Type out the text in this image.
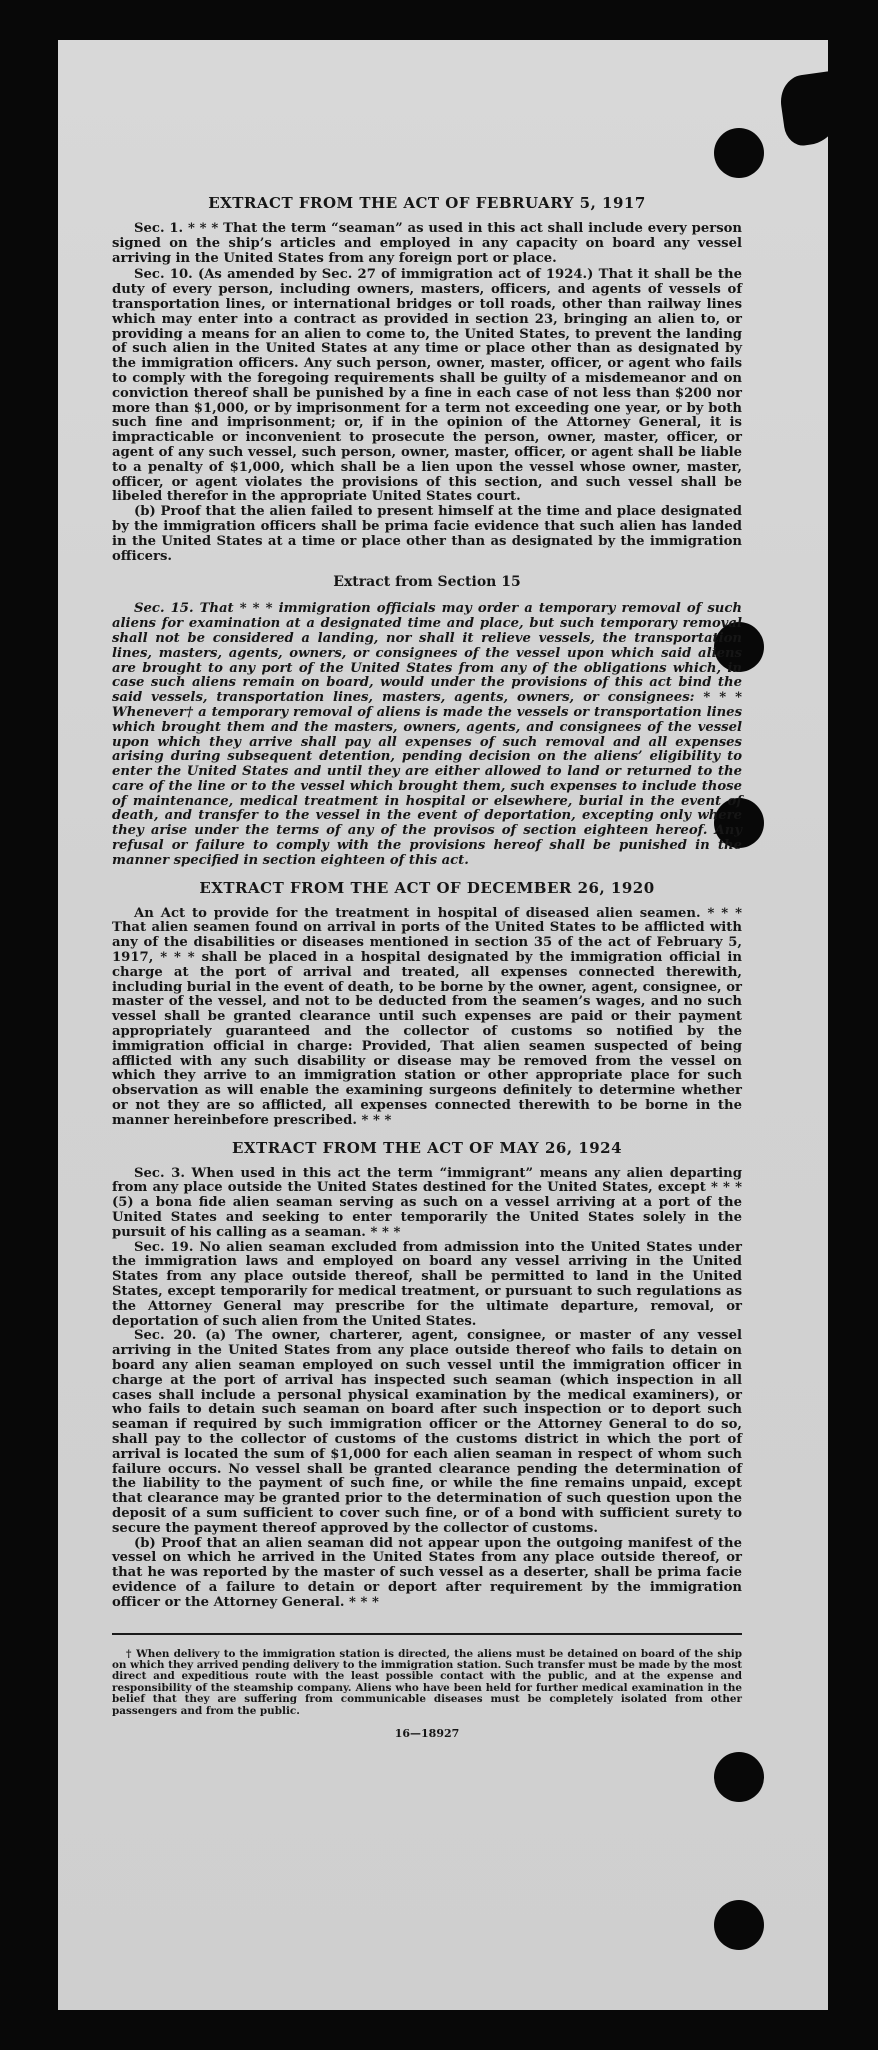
EXTRACT FROM THE ACT OF FEBRUARY 5, 1917

Sec. 1. * * * That the term “seaman” as used in this act shall include every person signed on the ship’s articles and employed in any capacity on board any vessel arriving in the United States from any foreign port or place.

Sec. 10. (As amended by Sec. 27 of immigration act of 1924.) That it shall be the duty of every person, including owners, masters, officers, and agents of vessels of transportation lines, or international bridges or toll roads, other than railway lines which may enter into a contract as provided in section 23, bringing an alien to, or providing a means for an alien to come to, the United States, to prevent the landing of such alien in the United States at any time or place other than as designated by the immigration officers. Any such person, owner, master, officer, or agent who fails to comply with the foregoing requirements shall be guilty of a misdemeanor and on conviction thereof shall be punished by a fine in each case of not less than $200 nor more than $1,000, or by imprisonment for a term not exceeding one year, or by both such fine and imprisonment; or, if in the opinion of the Attorney General, it is impracticable or inconvenient to prosecute the person, owner, master, officer, or agent of any such vessel, such person, owner, master, officer, or agent shall be liable to a penalty of $1,000, which shall be a lien upon the vessel whose owner, master, officer, or agent violates the provisions of this section, and such vessel shall be libeled therefor in the appropriate United States court.

(b) Proof that the alien failed to present himself at the time and place designated by the immigration officers shall be prima facie evidence that such alien has landed in the United States at a time or place other than as designated by the immigration officers.

Extract from Section 15

Sec. 15. That * * * immigration officials may order a temporary removal of such aliens for examination at a designated time and place, but such temporary removal shall not be considered a landing, nor shall it relieve vessels, the transportation lines, masters, agents, owners, or consignees of the vessel upon which said aliens are brought to any port of the United States from any of the obligations which, in case such aliens remain on board, would under the provisions of this act bind the said vessels, transportation lines, masters, agents, owners, or consignees: * * * Whenever† a temporary removal of aliens is made the vessels or transportation lines which brought them and the masters, owners, agents, and consignees of the vessel upon which they arrive shall pay all expenses of such removal and all expenses arising during subsequent detention, pending decision on the aliens’ eligibility to enter the United States and until they are either allowed to land or returned to the care of the line or to the vessel which brought them, such expenses to include those of maintenance, medical treatment in hospital or elsewhere, burial in the event of death, and transfer to the vessel in the event of deportation, excepting only where they arise under the terms of any of the provisos of section eighteen hereof. Any refusal or failure to comply with the provisions hereof shall be punished in the manner specified in section eighteen of this act.

EXTRACT FROM THE ACT OF DECEMBER 26, 1920

An Act to provide for the treatment in hospital of diseased alien seamen. * * * That alien seamen found on arrival in ports of the United States to be afflicted with any of the disabilities or diseases mentioned in section 35 of the act of February 5, 1917, * * * shall be placed in a hospital designated by the immigration official in charge at the port of arrival and treated, all expenses connected therewith, including burial in the event of death, to be borne by the owner, agent, consignee, or master of the vessel, and not to be deducted from the seamen’s wages, and no such vessel shall be granted clearance until such expenses are paid or their payment appropriately guaranteed and the collector of customs so notified by the immigration official in charge: Provided, That alien seamen suspected of being afflicted with any such disability or disease may be removed from the vessel on which they arrive to an immigration station or other appropriate place for such observation as will enable the examining surgeons definitely to determine whether or not they are so afflicted, all expenses connected therewith to be borne in the manner hereinbefore prescribed. * * *

EXTRACT FROM THE ACT OF MAY 26, 1924

Sec. 3. When used in this act the term “immigrant” means any alien departing from any place outside the United States destined for the United States, except * * * (5) a bona fide alien seaman serving as such on a vessel arriving at a port of the United States and seeking to enter temporarily the United States solely in the pursuit of his calling as a seaman. * * *

Sec. 19. No alien seaman excluded from admission into the United States under the immigration laws and employed on board any vessel arriving in the United States from any place outside thereof, shall be permitted to land in the United States, except temporarily for medical treatment, or pursuant to such regulations as the Attorney General may prescribe for the ultimate departure, removal, or deportation of such alien from the United States.

Sec. 20. (a) The owner, charterer, agent, consignee, or master of any vessel arriving in the United States from any place outside thereof who fails to detain on board any alien seaman employed on such vessel until the immigration officer in charge at the port of arrival has inspected such seaman (which inspection in all cases shall include a personal physical examination by the medical examiners), or who fails to detain such seaman on board after such inspection or to deport such seaman if required by such immigration officer or the Attorney General to do so, shall pay to the collector of customs of the customs district in which the port of arrival is located the sum of $1,000 for each alien seaman in respect of whom such failure occurs. No vessel shall be granted clearance pending the determination of the liability to the payment of such fine, or while the fine remains unpaid, except that clearance may be granted prior to the determination of such question upon the deposit of a sum sufficient to cover such fine, or of a bond with sufficient surety to secure the payment thereof approved by the collector of customs.

(b) Proof that an alien seaman did not appear upon the outgoing manifest of the vessel on which he arrived in the United States from any place outside thereof, or that he was reported by the master of such vessel as a deserter, shall be prima facie evidence of a failure to detain or deport after requirement by the immigration officer or the Attorney General. * * *

† When delivery to the immigration station is directed, the aliens must be detained on board of the ship on which they arrived pending delivery to the immigration station. Such transfer must be made by the most direct and expeditious route with the least possible contact with the public, and at the expense and responsibility of the steamship company. Aliens who have been held for further medical examination in the belief that they are suffering from communicable diseases must be completely isolated from other passengers and from the public.

16—18927
